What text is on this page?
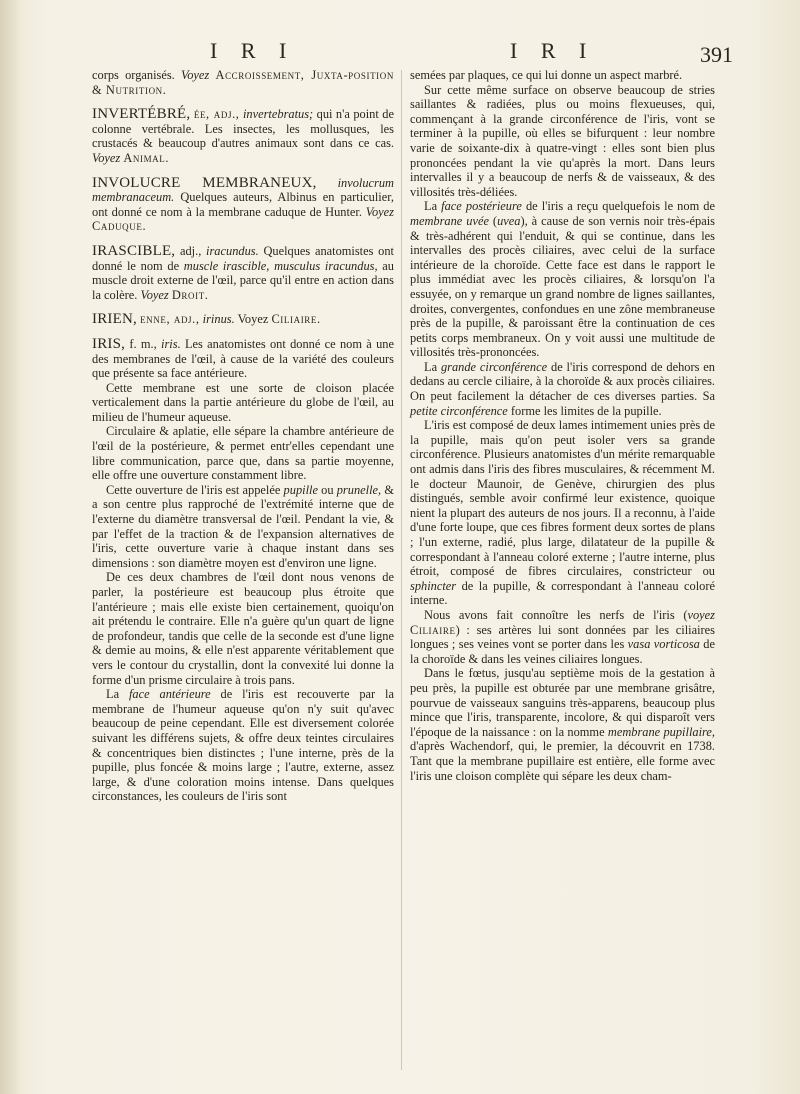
I R I	I R I	391

corps organisés. Voyez Accroissement, Juxta-position & Nutrition.

INVERTÉBRÉ, ée, adj., invertebratus; qui n'a point de colonne vertébrale. Les insectes, les mollusques, les crustacés & beaucoup d'autres animaux sont dans ce cas. Voyez Animal.

INVOLUCRE MEMBRANEUX, involucrum membranaceum. Quelques auteurs, Albinus en particulier, ont donné ce nom à la membrane caduque de Hunter. Voyez Caduque.

IRASCIBLE, adj., iracundus. Quelques anatomistes ont donné le nom de muscle irascible, musculus iracundus, au muscle droit externe de l'œil, parce qu'il entre en action dans la colère. Voyez Droit.

IRIEN, enne, adj., irinus. Voyez Ciliaire.

IRIS, f. m., iris. Les anatomistes ont donné ce nom à une des membranes de l'œil, à cause de la variété des couleurs que présente sa face antérieure.

Cette membrane est une sorte de cloison placée verticalement dans la partie antérieure du globe de l'œil, au milieu de l'humeur aqueuse.

Circulaire & aplatie, elle sépare la chambre antérieure de l'œil de la postérieure, & permet entr'elles cependant une libre communication, parce que, dans sa partie moyenne, elle offre une ouverture constamment libre.

Cette ouverture de l'iris est appelée pupille ou prunelle, & a son centre plus rapproché de l'extrémité interne que de l'externe du diamètre transversal de l'œil. Pendant la vie, & par l'effet de la traction & de l'expansion alternatives de l'iris, cette ouverture varie à chaque instant dans ses dimensions : son diamètre moyen est d'environ une ligne.

De ces deux chambres de l'œil dont nous venons de parler, la postérieure est beaucoup plus étroite que l'antérieure ; mais elle existe bien certainement, quoiqu'on ait prétendu le contraire. Elle n'a guère qu'un quart de ligne de profondeur, tandis que celle de la seconde est d'une ligne & demie au moins, & elle n'est apparente véritablement que vers le contour du crystallin, dont la convexité lui donne la forme d'un prisme circulaire à trois pans.

La face antérieure de l'iris est recouverte par la membrane de l'humeur aqueuse qu'on n'y suit qu'avec beaucoup de peine cependant. Elle est diversement colorée suivant les différens sujets, & offre deux teintes circulaires & concentriques bien distinctes ; l'une interne, près de la pupille, plus foncée & moins large ; l'autre, externe, assez large, & d'une coloration moins intense. Dans quelques circonstances, les couleurs de l'iris sont

semées par plaques, ce qui lui donne un aspect marbré.

Sur cette même surface on observe beaucoup de stries saillantes & radiées, plus ou moins flexueuses, qui, commençant à la grande circonférence de l'iris, vont se terminer à la pupille, où elles se bifurquent : leur nombre varie de soixante-dix à quatre-vingt : elles sont bien plus prononcées pendant la vie qu'après la mort. Dans leurs intervalles il y a beaucoup de nerfs & de vaisseaux, & des villosités très-déliées.

La face postérieure de l'iris a reçu quelquefois le nom de membrane uvée (uvea), à cause de son vernis noir très-épais & très-adhérent qui l'enduit, & qui se continue, dans les intervalles des procès ciliaires, avec celui de la surface intérieure de la choroïde. Cette face est dans le rapport le plus immédiat avec les procès ciliaires, & lorsqu'on l'a essuyée, on y remarque un grand nombre de lignes saillantes, droites, convergentes, confondues en une zône membraneuse près de la pupille, & paroissant être la continuation de ces petits corps membraneux. On y voit aussi une multitude de villosités très-prononcées.

La grande circonférence de l'iris correspond de dehors en dedans au cercle ciliaire, à la choroïde & aux procès ciliaires. On peut facilement la détacher de ces diverses parties. Sa petite circonférence forme les limites de la pupille.

L'iris est composé de deux lames intimement unies près de la pupille, mais qu'on peut isoler vers sa grande circonférence. Plusieurs anatomistes d'un mérite remarquable ont admis dans l'iris des fibres musculaires, & récemment M. le docteur Maunoir, de Genève, chirurgien des plus distingués, semble avoir confirmé leur existence, quoique nient la plupart des auteurs de nos jours. Il a reconnu, à l'aide d'une forte loupe, que ces fibres forment deux sortes de plans ; l'un externe, radié, plus large, dilatateur de la pupille & correspondant à l'anneau coloré externe ; l'autre interne, plus étroit, composé de fibres circulaires, constricteur ou sphincter de la pupille, & correspondant à l'anneau coloré interne.

Nous avons fait connoître les nerfs de l'iris (voyez Ciliaire) : ses artères lui sont données par les ciliaires longues ; ses veines vont se porter dans les vasa vorticosa de la choroïde & dans les veines ciliaires longues.

Dans le fœtus, jusqu'au septième mois de la gestation à peu près, la pupille est obturée par une membrane grisâtre, pourvue de vaisseaux sanguins très-apparens, beaucoup plus mince que l'iris, transparente, incolore, & qui disparoît vers l'époque de la naissance : on la nomme membrane pupillaire, d'après Wachendorf, qui, le premier, la découvrit en 1738. Tant que la membrane pupillaire est entière, elle forme avec l'iris une cloison complète qui sépare les deux cham-
